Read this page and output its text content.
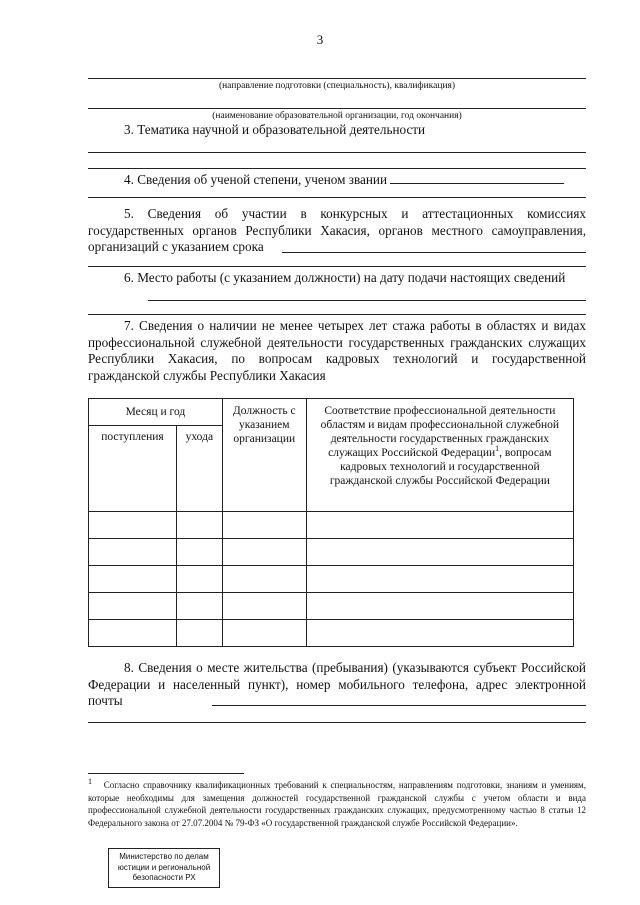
3
(направление подготовки (специальность), квалификация)
(наименование образовательной организации, год окончания)
3. Тематика научной и образовательной деятельности
4. Сведения об ученой степени, ученом звании
5. Сведения об участии в конкурсных и аттестационных комиссиях государственных органов Республики Хакасия, органов местного самоуправления, организаций с указанием срока
6. Место работы (с указанием должности) на дату подачи настоящих сведений
7. Сведения о наличии не менее четырех лет стажа работы в областях и видах профессиональной служебной деятельности государственных гражданских служащих Республики Хакасия, по вопросам кадровых технологий и государственной гражданской службы Республики Хакасия
Месяц и год		Должность с указанием организации	Соответствие профессиональной деятельности областям и видам профессиональной служебной деятельности государственных гражданских служащих Российской Федерации$^1$, вопросам кадровых технологий и государственной гражданской службы Российской Федерации
поступления	ухода		

8. Сведения о месте жительства (пребывания) (указываются субъект Российской Федерации и населенный пункт), номер мобильного телефона, адрес электронной почты
$^1$ Согласно справочнику квалификационных требований к специальностям, направлениям подготовки, знаниям и умениям, которые необходимы для замещения должностей государственной гражданской службы с учетом области и вида профессиональной служебной деятельности государственных гражданских служащих, предусмотренному частью 8 статьи 12 Федерального закона от 27.07.2004 № 79-ФЗ «О государственной гражданской службе Российской Федерации».
Министерство по делам
юстиции и региональной
безопасности РХ
